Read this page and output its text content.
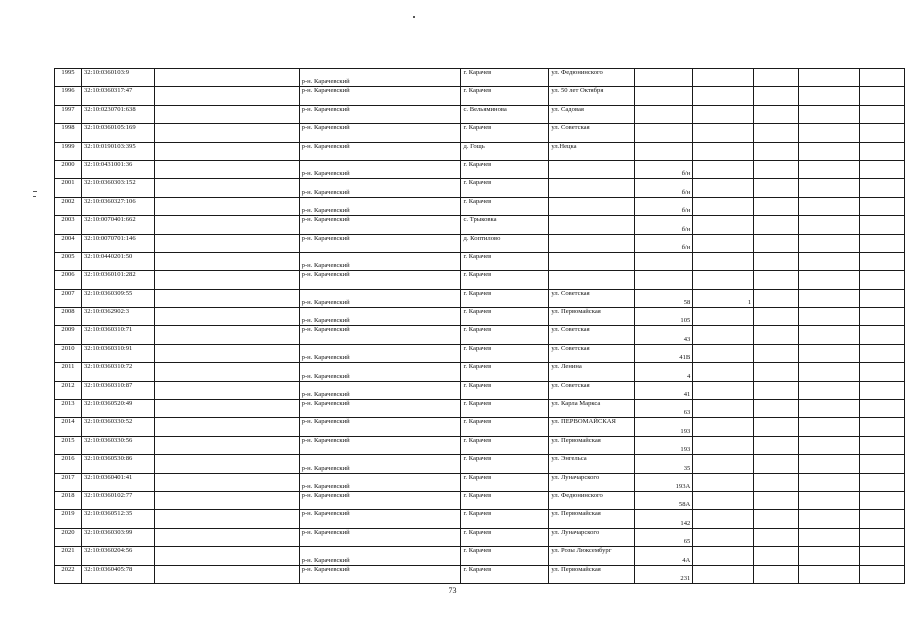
1995	32:10:0360103:9		р-н. Карачевский	г. Карачев	ул. Федюнинского					
1996	32:10:0360317:47		р-н. Карачевский	г. Карачев	ул. 50 лет Октября					
1997	32:10:0230701:638		р-н. Карачевский	с. Вельяминова	ул. Садовая					
1998	32:10:0360105:169		р-н. Карачевский	г. Карачев	ул. Советская					
1999	32:10:0190103:395		р-н. Карачевский	д. Гощь	ул.Нецка					
2000	32:10:0431001:36		р-н. Карачевский	г. Карачев		б/н				
2001	32:10:0360303:152		р-н. Карачевский	г. Карачев		б/н				
2002	32:10:0360327:106		р-н. Карачевский	г. Карачев		б/н				
2003	32:10:0070401:662		р-н. Карачевский	с. Трыковка		б/н				
2004	32:10:0070701:146		р-н. Карачевский	д. Коптилово		б/н				
2005	32:10:0440201:50		р-н. Карачевский	г. Карачев						
2006	32:10:0360101:282		р-н. Карачевский	г. Карачев						
2007	32:10:0360309:55		р-н. Карачевский	г. Карачев	ул. Советская	58	1			
2008	32:10:0362902:3		р-н. Карачевский	г. Карачев	ул. Первомайская	105				
2009	32:10:0360310:71		р-н. Карачевский	г. Карачев	ул. Советская	43				
2010	32:10:0360310:91		р-н. Карачевский	г. Карачев	ул. Советская	41В				
2011	32:10:0360310:72		р-н. Карачевский	г. Карачев	ул. Ленина	4				
2012	32:10:0360310:87		р-н. Карачевский	г. Карачев	ул. Советская	41				
2013	32:10:0360520:49		р-н. Карачевский	г. Карачев	ул. Карла Маркса	63				
2014	32:10:0360330:52		р-н. Карачевский	г. Карачев	ул. ПЕРВОМАЙСКАЯ	193				
2015	32:10:0360330:56		р-н. Карачевский	г. Карачев	ул. Первомайская	193				
2016	32:10:0360530:86		р-н. Карачевский	г. Карачев	ул. Энгельса	35				
2017	32:10:0360401:41		р-н. Карачевский	г. Карачев	ул. Луначарского	193А				
2018	32:10:0360102:77		р-н. Карачевский	г. Карачев	ул. Федюнинского	58А				
2019	32:10:0360512:35		р-н. Карачевский	г. Карачев	ул. Первомайская	142				
2020	32:10:0360303:99		р-н. Карачевский	г. Карачев	ул. Луначарского	65				
2021	32:10:0360204:56		р-н. Карачевский	г. Карачев	ул. Розы Люксембург	4А				
2022	32:10:0360405:78		р-н. Карачевский	г. Карачев	ул. Первомайская	231				
73
